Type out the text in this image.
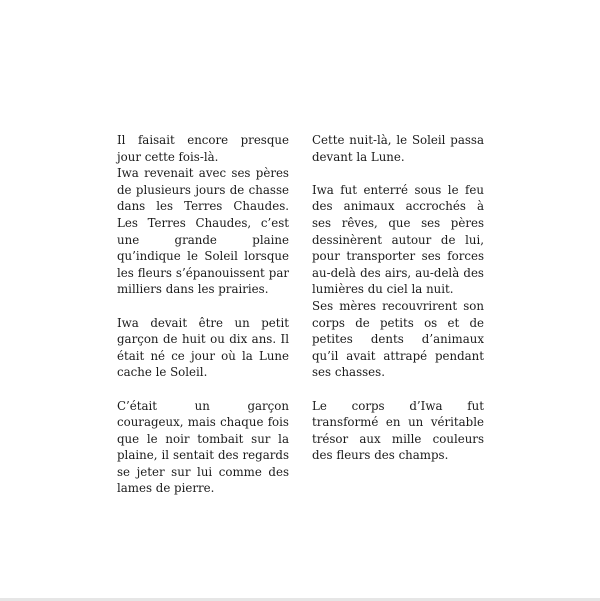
Il faisait encore presque jour cette fois-là.

Iwa revenait avec ses pères de plusieurs jours de chasse dans les Terres Chaudes. Les Terres Chaudes, c’est une grande plaine qu’indique le Soleil lorsque les fleurs s’épanouissent par milliers dans les prairies.

Iwa devait être un petit garçon de huit ou dix ans. Il était né ce jour où la Lune cache le Soleil.

C’était un garçon courageux, mais chaque fois que le noir tombait sur la plaine, il sentait des regards se jeter sur lui comme des lames de pierre.

Cette nuit-là, le Soleil passa devant la Lune.

Iwa fut enterré sous le feu des animaux accrochés à ses rêves, que ses pères dessinèrent autour de lui, pour transporter ses forces au-delà des airs, au-delà des lumières du ciel la nuit.

Ses mères recouvrirent son corps de petits os et de petites dents d’animaux qu’il avait attrapé pendant ses chasses.

Le corps d’Iwa fut transformé en un véritable trésor aux mille couleurs des fleurs des champs.
